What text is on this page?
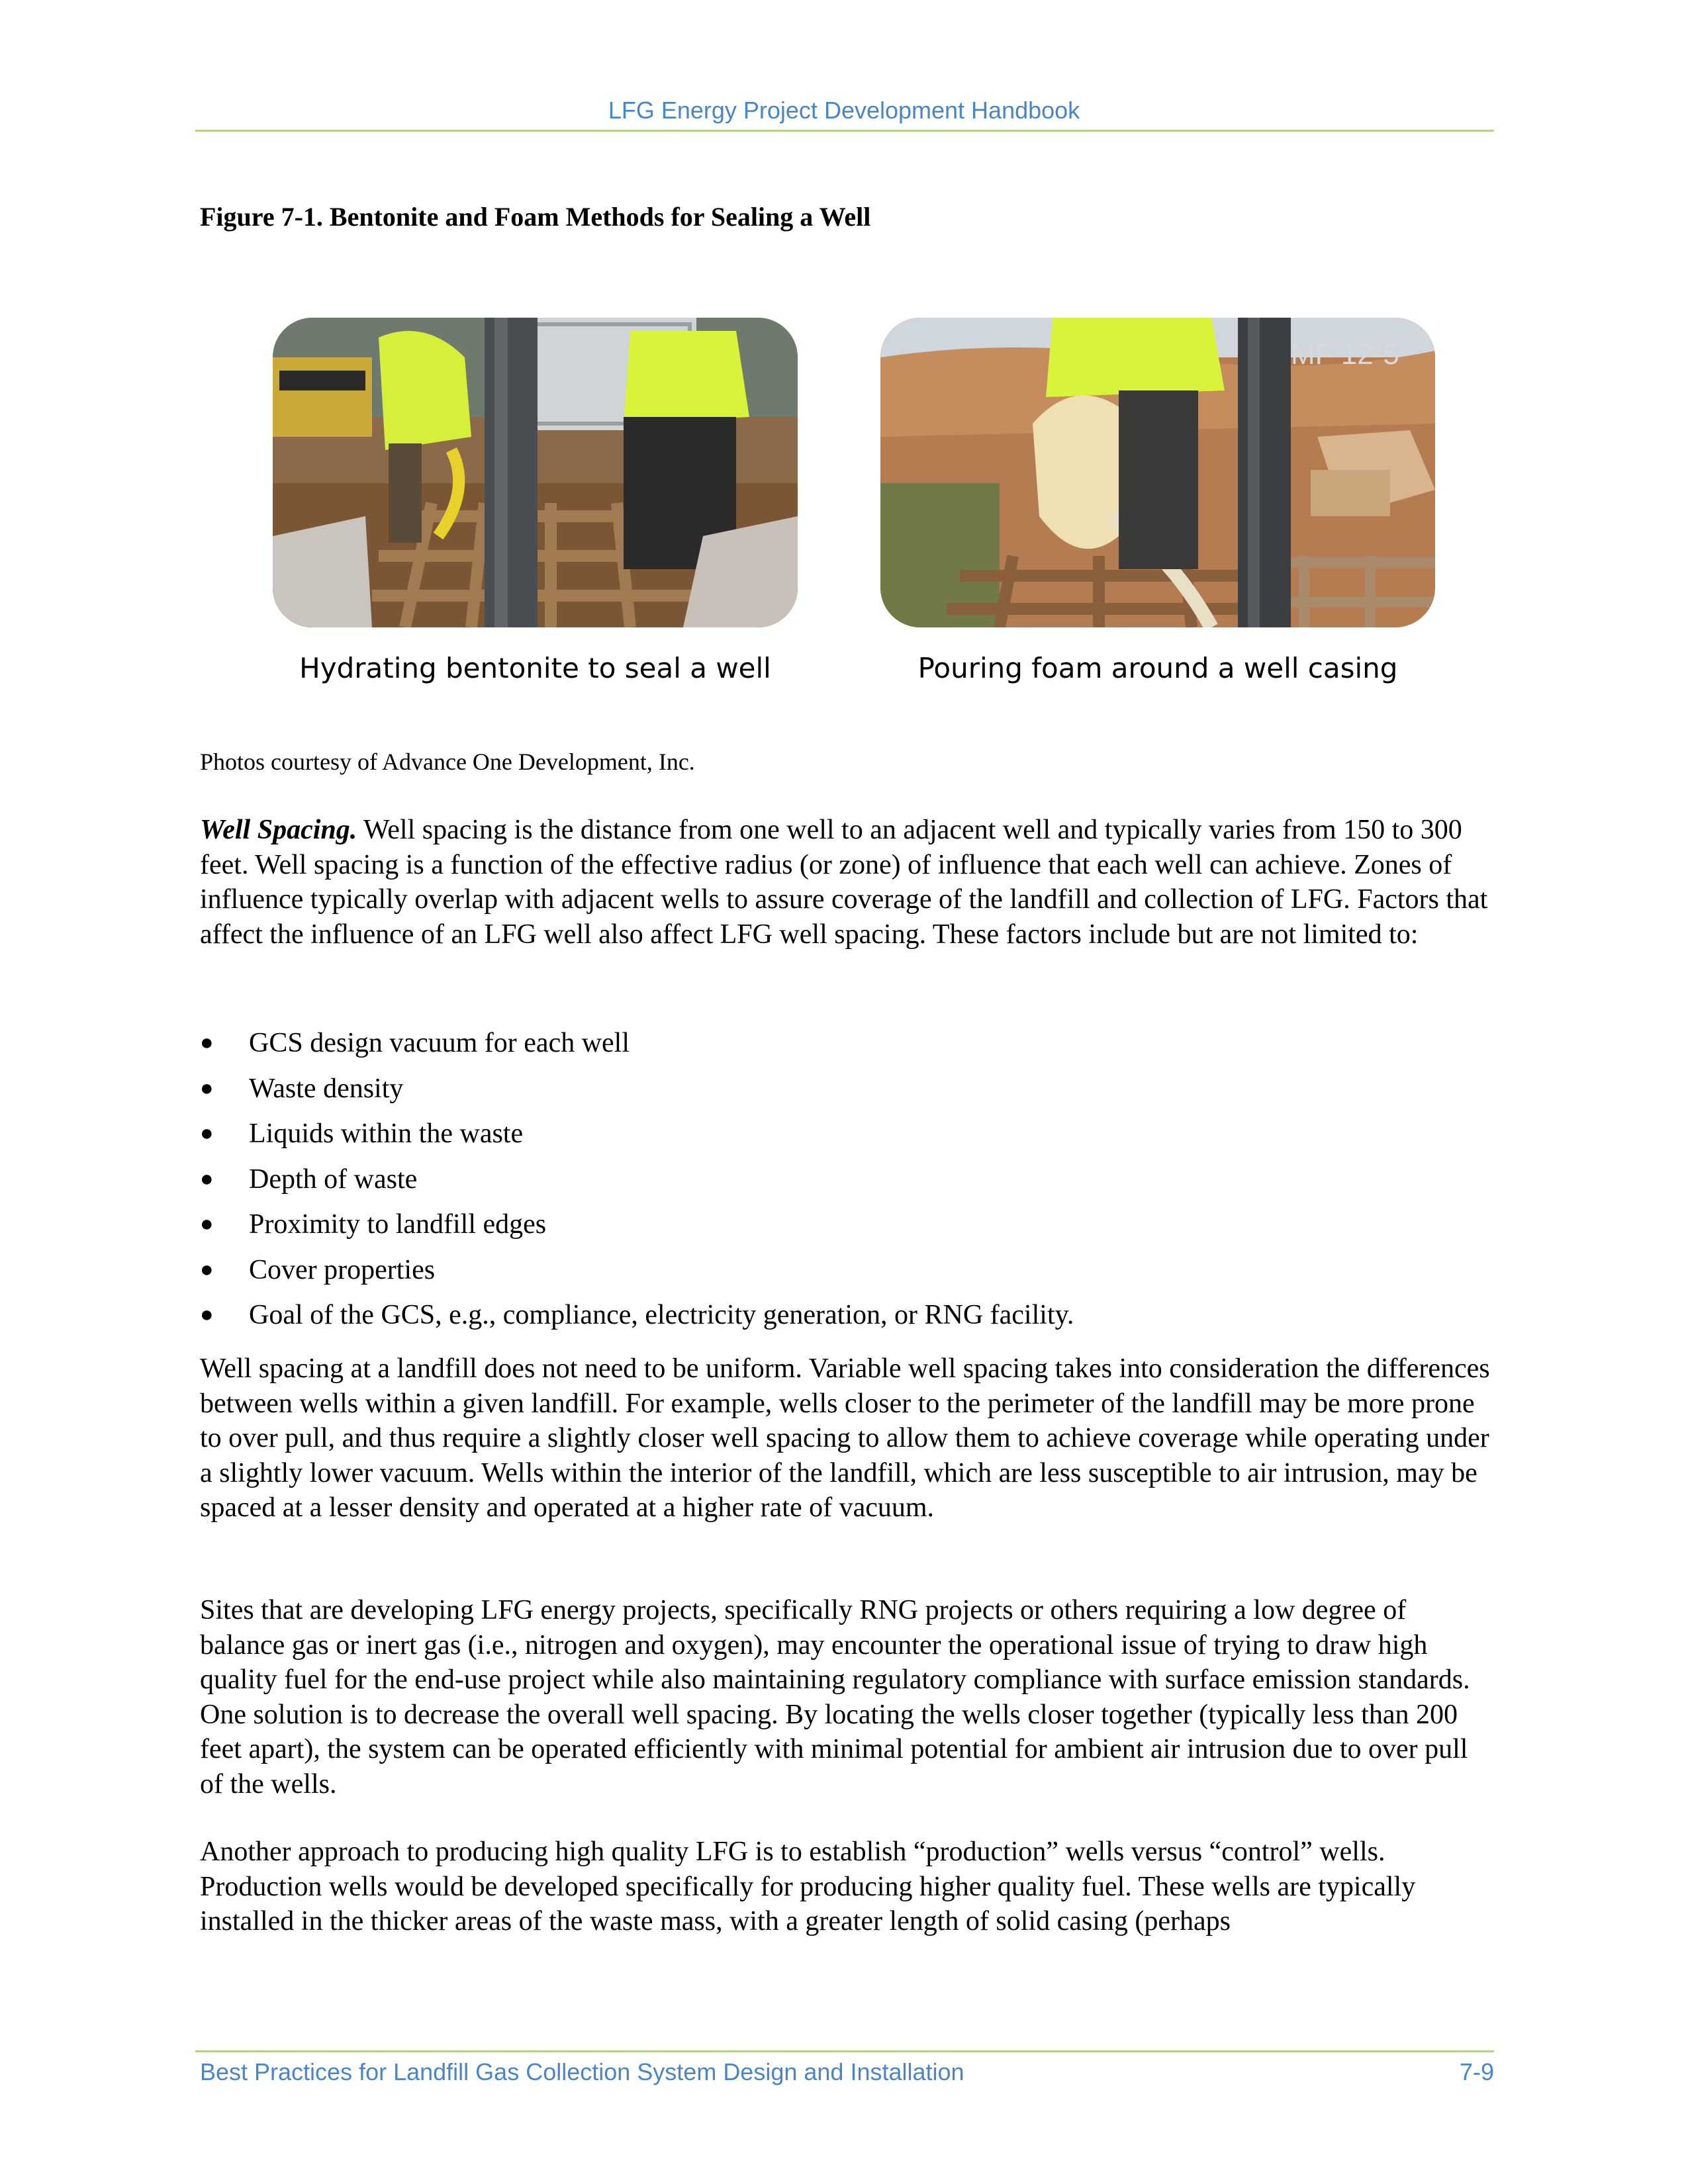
LFG Energy Project Development Handbook
Figure 7-1. Bentonite and Foam Methods for Sealing a Well
MF 12-5
Hydrating bentonite to seal a well	Pouring foam around a well casing
Photos courtesy of Advance One Development, Inc.

Well Spacing. Well spacing is the distance from one well to an adjacent well and typically varies from 150 to 300 feet. Well spacing is a function of the effective radius (or zone) of influence that each well can achieve. Zones of influence typically overlap with adjacent wells to assure coverage of the landfill and collection of LFG. Factors that affect the influence of an LFG well also affect LFG well spacing. These factors include but are not limited to:

● GCS design vacuum for each well
● Waste density
● Liquids within the waste
● Depth of waste
● Proximity to landfill edges
● Cover properties
● Goal of the GCS, e.g., compliance, electricity generation, or RNG facility.

Well spacing at a landfill does not need to be uniform. Variable well spacing takes into consideration the differences between wells within a given landfill. For example, wells closer to the perimeter of the landfill may be more prone to over pull, and thus require a slightly closer well spacing to allow them to achieve coverage while operating under a slightly lower vacuum. Wells within the interior of the landfill, which are less susceptible to air intrusion, may be spaced at a lesser density and operated at a higher rate of vacuum.

Sites that are developing LFG energy projects, specifically RNG projects or others requiring a low degree of balance gas or inert gas (i.e., nitrogen and oxygen), may encounter the operational issue of trying to draw high quality fuel for the end-use project while also maintaining regulatory compliance with surface emission standards. One solution is to decrease the overall well spacing. By locating the wells closer together (typically less than 200 feet apart), the system can be operated efficiently with minimal potential for ambient air intrusion due to over pull of the wells.

Another approach to producing high quality LFG is to establish “production” wells versus “control” wells. Production wells would be developed specifically for producing higher quality fuel. These wells are typically installed in the thicker areas of the waste mass, with a greater length of solid casing (perhaps

Best Practices for Landfill Gas Collection System Design and Installation	7-9
